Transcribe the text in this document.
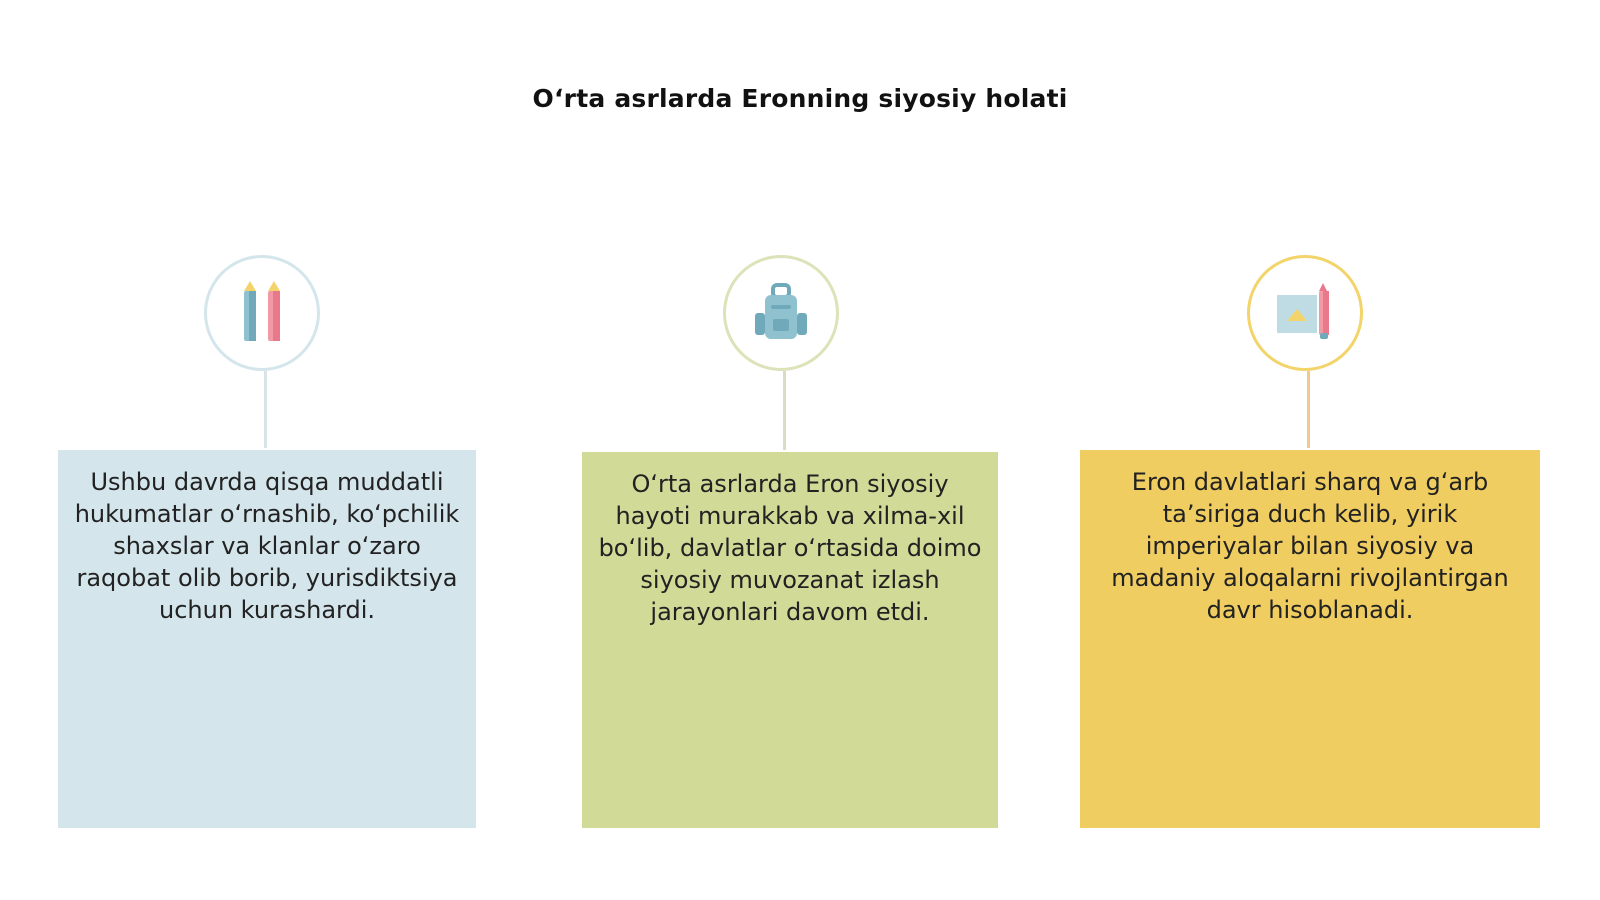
Oʻrta asrlarda Eronning siyosiy holati
Ushbu davrda qisqa muddatli hukumatlar oʻrnashib, koʻpchilik shaxslar va klanlar oʻzaro raqobat olib borib, yurisdiktsiya uchun kurashardi.
Oʻrta asrlarda Eron siyosiy hayoti murakkab va xilma-xil boʻlib, davlatlar oʻrtasida doimo siyosiy muvozanat izlash jarayonlari davom etdi.
Eron davlatlari sharq va gʻarb taʼsiriga duch kelib, yirik imperiyalar bilan siyosiy va madaniy aloqalarni rivojlantirgan davr hisoblanadi.
